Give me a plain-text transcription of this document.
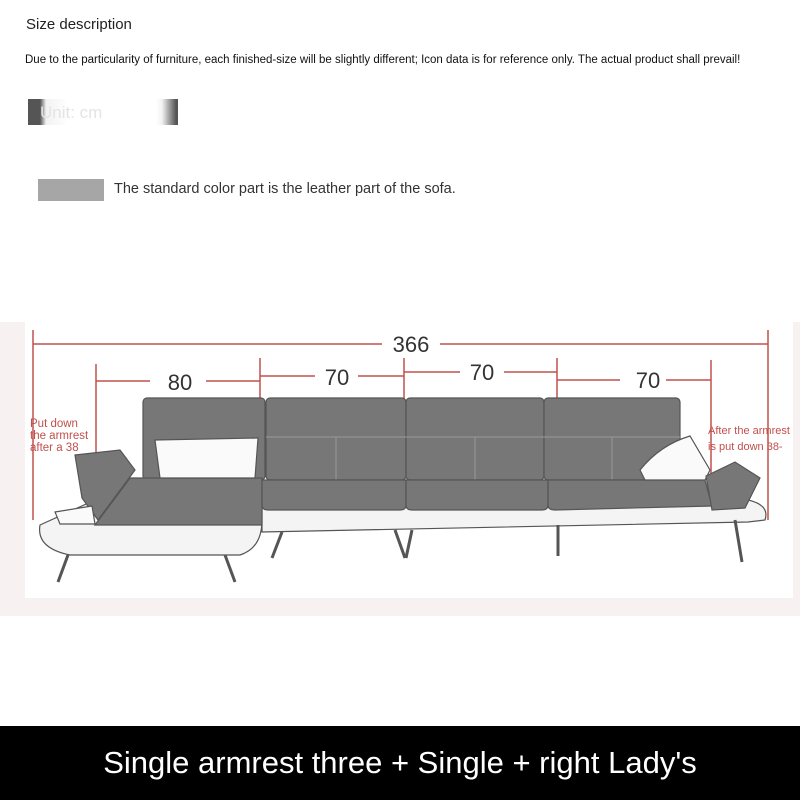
Size description
Due to the particularity of furniture, each finished-size will be slightly different; Icon data is for reference only. The actual product shall prevail!
Unit: cm
The standard color part is the leather part of the sofa.
366
80	70	70	70
Put down
the armrest
after a 38
After the armrest
is put down 38-
Single armrest three + Single + right Lady's
